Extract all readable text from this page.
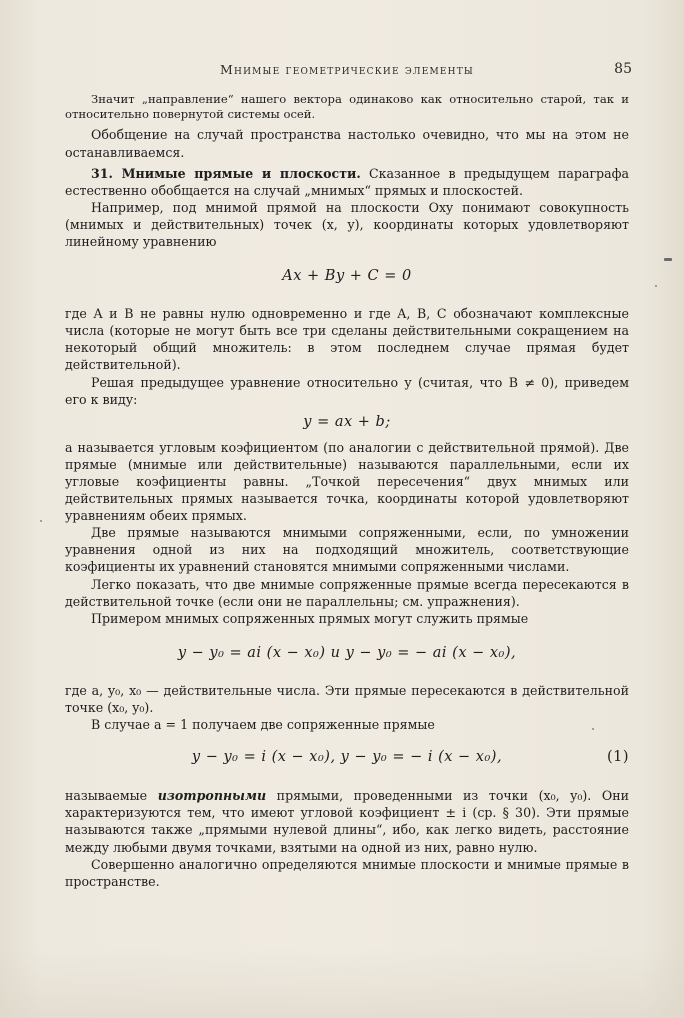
Мнимые геометрические элементы	85

Значит „направление“ нашего вектора одинаково как относительно старой, так и относительно повернутой системы осей.

Обобщение на случай пространства настолько очевидно, что мы на этом не останавливаемся.

31. Мнимые прямые и плоскости. Сказанное в предыдущем параграфа естественно обобщается на случай „мнимых“ прямых и плоскостей.

Например, под мнимой прямой на плоскости Oxy понимают совокупность (мнимых и действительных) точек (x, y), координаты которых удовлетворяют линейному уравнению

Ax + By + C = 0

где A и B не равны нулю одновременно и где A, B, C обозначают комплексные числа (которые не могут быть все три сделаны действительными сокращением на некоторый общий множитель: в этом последнем случае прямая будет действительной).

Решая предыдущее уравнение относительно y (считая, что B ≠ 0), приведем его к виду:

y = ax + b;

a называется угловым коэфициентом (по аналогии с действительной прямой). Две прямые (мнимые или действительные) называются параллельными, если их угловые коэфициенты равны. „Точкой пересечения“ двух мнимых или действительных прямых называется точка, координаты которой удовлетворяют уравнениям обеих прямых.

Две прямые называются мнимыми сопряженными, если, по умножении уравнения одной из них на подходящий множитель, соответствующие коэфициенты их уравнений становятся мнимыми сопряженными числами.

Легко показать, что две мнимые сопряженные прямые всегда пересекаются в действительной точке (если они не параллельны; см. упражнения).

Примером мнимых сопряженных прямых могут служить прямые

y − y₀ = ai (x − x₀) и y − y₀ = − ai (x − x₀),

где a, y₀, x₀ — действительные числа. Эти прямые пересекаются в действительной точке (x₀, y₀).

В случае a = 1 получаем две сопряженные прямые

y − y₀ = i (x − x₀), y − y₀ = − i (x − x₀),	(1)

называемые изотропными прямыми, проведенными из точки (x₀, y₀). Они характеризуются тем, что имеют угловой коэфициент ± i (ср. § 30). Эти прямые называются также „прямыми нулевой длины“, ибо, как легко видеть, расстояние между любыми двумя точками, взятыми на одной из них, равно нулю.

Совершенно аналогично определяются мнимые плоскости и мнимые прямые в пространстве.
